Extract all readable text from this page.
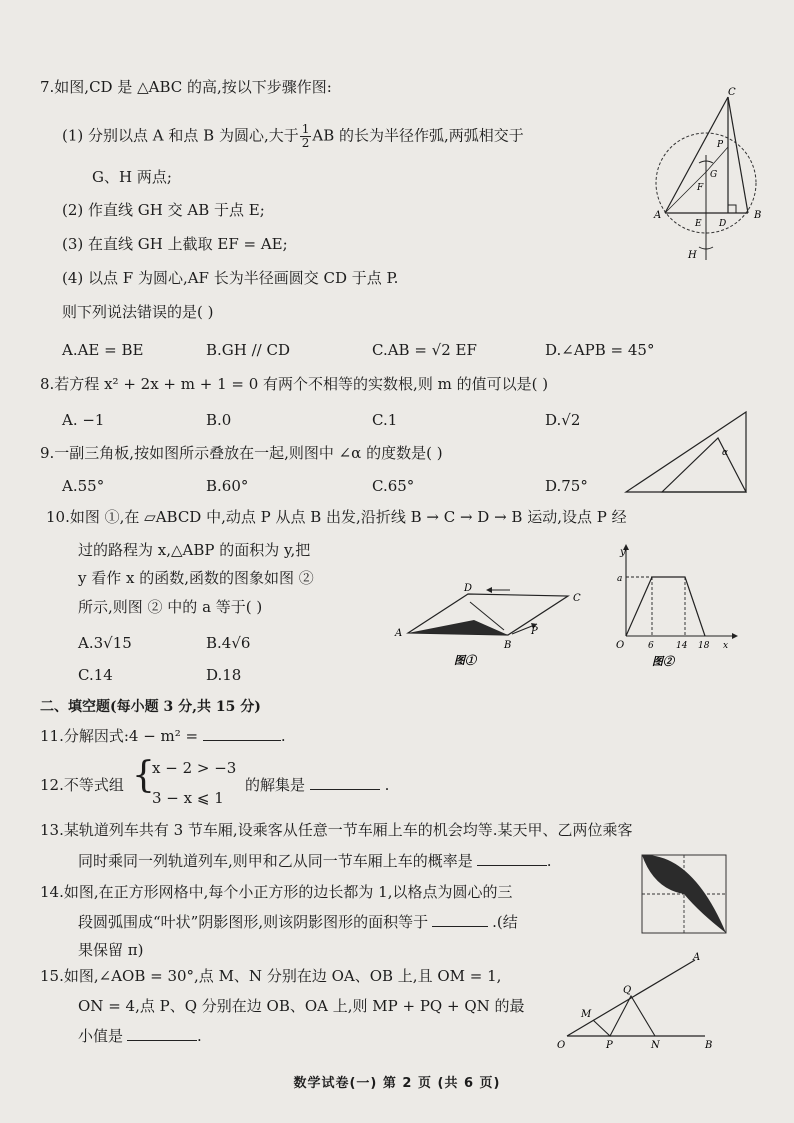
7.如图,CD 是 △ABC 的高,按以下步骤作图:
(1) 分别以点 A 和点 B 为圆心,大于 $\frac{1}{2}$ AB 的长为半径作弧,两弧相交于
G、H 两点;
(2) 作直线 GH 交 AB 于点 E;
(3) 在直线 GH 上截取 EF = AE;
(4) 以点 F 为圆心,AF 长为半径画圆交 CD 于点 P.
则下列说法错误的是( )
A.AE = BE	B.GH // CD	C.AB = √2 EF	D.∠APB = 45°
C
A	B
D
E
F
G
H
P
8.若方程 x² + 2x + m + 1 = 0 有两个不相等的实数根,则 m 的值可以是( )
A. −1	B.0	C.1	D.√2
9.一副三角板,按如图所示叠放在一起,则图中 ∠α 的度数是( )
A.55°	B.60°	C.65°	D.75°
α
10.如图 ①,在 ▱ABCD 中,动点 P 从点 B 出发,沿折线 B → C → D → B 运动,设点 P 经
过的路程为 x,△ABP 的面积为 y,把
y 看作 x 的函数,函数的图象如图 ②
所示,则图 ② 中的 a 等于( )
A.3√15	B.4√6
C.14	D.18
A
B
C
D
P
图①
y
a
O	6 14 18 x
图②
二、填空题(每小题 3 分,共 15 分)
11.分解因式:4 − m² =	.
12.不等式组 {
x − 2 > −3
3 − x ⩽ 1
的解集是	.
13.某轨道列车共有 3 节车厢,设乘客从任意一节车厢上车的机会均等.某天甲、乙两位乘客
同时乘同一列轨道列车,则甲和乙从同一节车厢上车的概率是	.
14.如图,在正方形网格中,每个小正方形的边长都为 1,以格点为圆心的三
段圆弧围成“叶状”阴影图形,则该阴影图形的面积等于	.(结
果保留 π)
15.如图,∠AOB = 30°,点 M、N 分别在边 OA、OB 上,且 OM = 1,
ON = 4,点 P、Q 分别在边 OB、OA 上,则 MP + PQ + QN 的最
小值是	.
A
B
O
M
N
P
Q
数学试卷(一) 第 2 页 (共 6 页)
